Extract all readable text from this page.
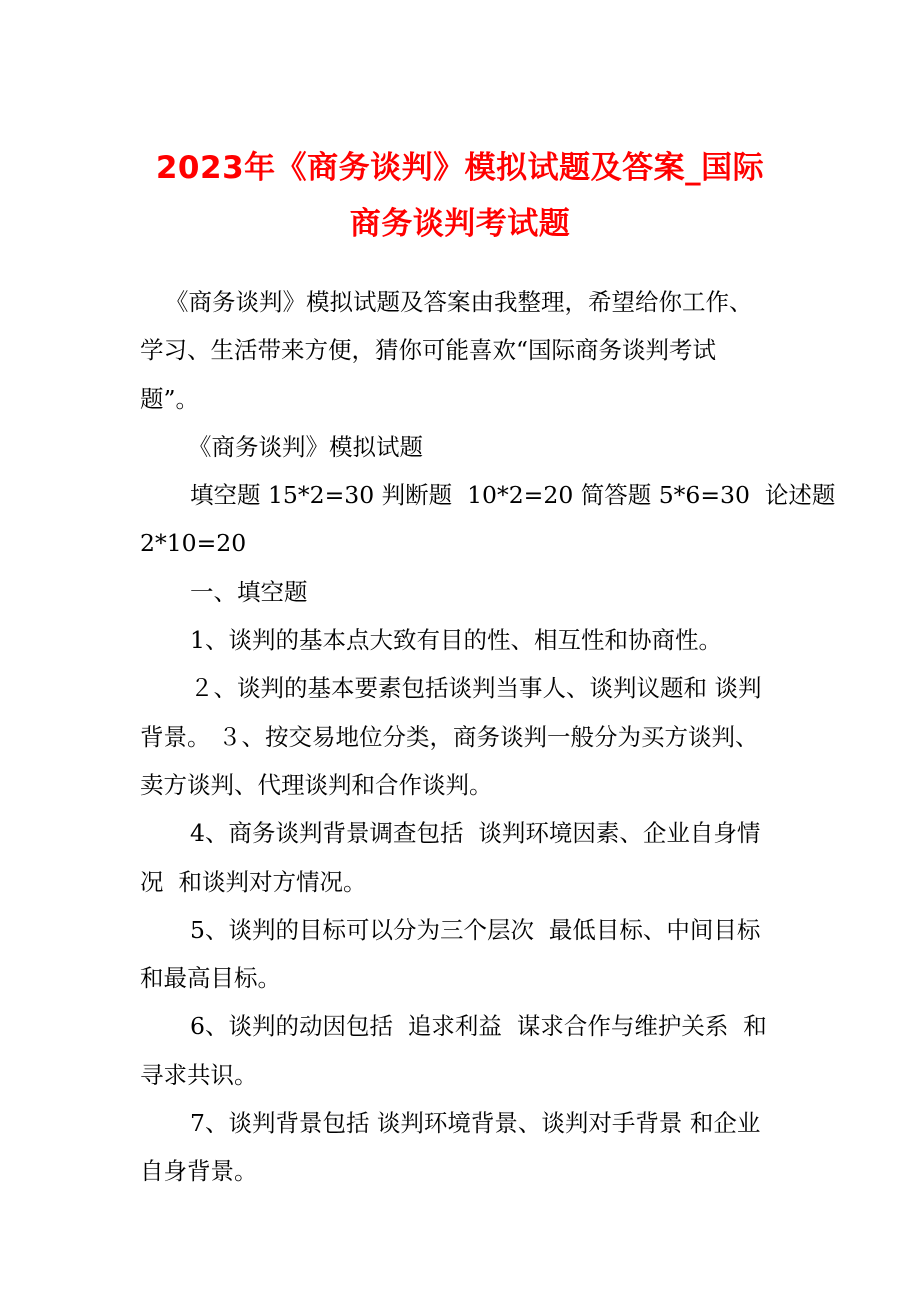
2023年《商务谈判》模拟试题及答案_国际
商务谈判考试题
《商务谈判》模拟试题及答案由我整理，希望给你工作、
学习、生活带来方便，猜你可能喜欢“国际商务谈判考试
题”。
《商务谈判》模拟试题
填空题 15*2=30 判断题  10*2=20 简答题 5*6=30  论述题
2*10=20
一、填空题
1、谈判的基本点大致有目的性、相互性和协商性。
２、谈判的基本要素包括谈判当事人、谈判议题和 谈判
背景。 ３、按交易地位分类，商务谈判一般分为买方谈判、
卖方谈判、代理谈判和合作谈判。
4、商务谈判背景调查包括  谈判环境因素、企业自身情
况  和谈判对方情况。
5、谈判的目标可以分为三个层次  最低目标、中间目标
和最高目标。
6、谈判的动因包括  追求利益  谋求合作与维护关系  和
寻求共识。
7、谈判背景包括 谈判环境背景、谈判对手背景 和企业
自身背景。
